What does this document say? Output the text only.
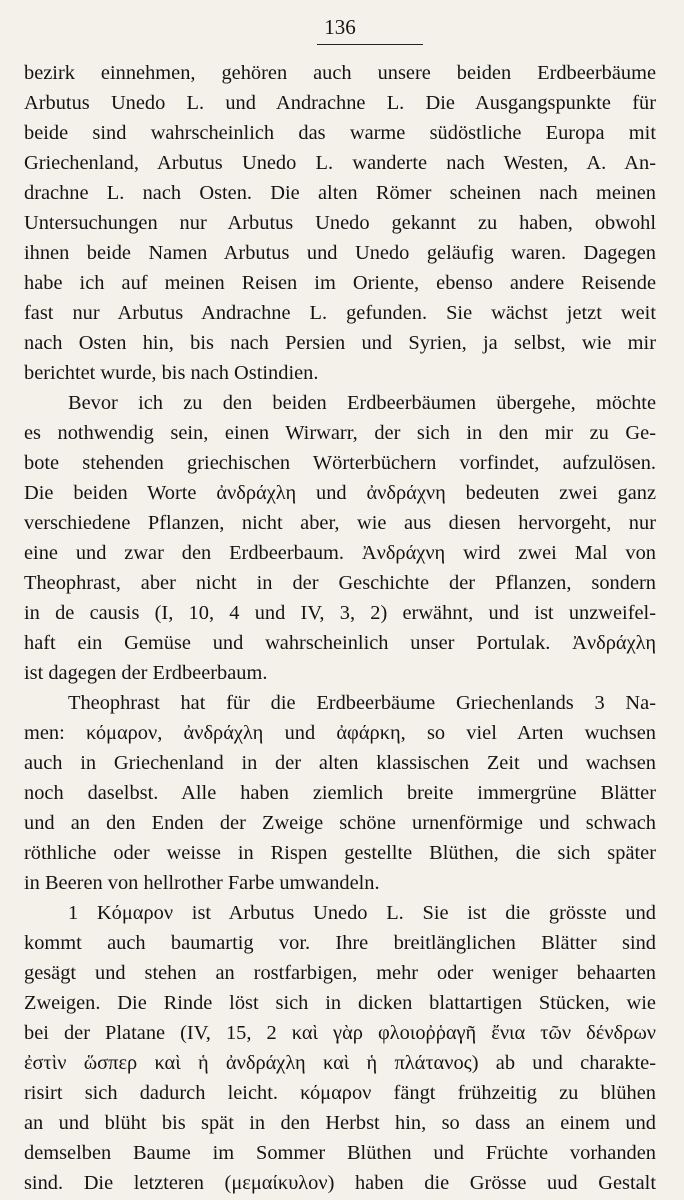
136
bezirk einnehmen, gehören auch unsere beiden Erdbeerbäume
Arbutus Unedo L. und Andrachne L. Die Ausgangspunkte für
beide sind wahrscheinlich das warme südöstliche Europa mit
Griechenland, Arbutus Unedo L. wanderte nach Westen, A. An-
drachne L. nach Osten. Die alten Römer scheinen nach meinen
Untersuchungen nur Arbutus Unedo gekannt zu haben, obwohl
ihnen beide Namen Arbutus und Unedo geläufig waren. Dagegen
habe ich auf meinen Reisen im Oriente, ebenso andere Reisende
fast nur Arbutus Andrachne L. gefunden. Sie wächst jetzt weit
nach Osten hin, bis nach Persien und Syrien, ja selbst, wie mir
berichtet wurde, bis nach Ostindien.
Bevor ich zu den beiden Erdbeerbäumen übergehe, möchte
es nothwendig sein, einen Wirwarr, der sich in den mir zu Ge-
bote stehenden griechischen Wörterbüchern vorfindet, aufzulösen.
Die beiden Worte ἀνδράχλη und ἀνδράχνη bedeuten zwei ganz
verschiedene Pflanzen, nicht aber, wie aus diesen hervorgeht, nur
eine und zwar den Erdbeerbaum. Ἀνδράχνη wird zwei Mal von
Theophrast, aber nicht in der Geschichte der Pflanzen, sondern
in de causis (I, 10, 4 und IV, 3, 2) erwähnt, und ist unzweifel-
haft ein Gemüse und wahrscheinlich unser Portulak. Ἀνδράχλη
ist dagegen der Erdbeerbaum.
Theophrast hat für die Erdbeerbäume Griechenlands 3 Na-
men: κόμαρον, ἀνδράχλη und ἀφάρκη, so viel Arten wuchsen
auch in Griechenland in der alten klassischen Zeit und wachsen
noch daselbst. Alle haben ziemlich breite immergrüne Blätter
und an den Enden der Zweige schöne urnenförmige und schwach
röthliche oder weisse in Rispen gestellte Blüthen, die sich später
in Beeren von hellrother Farbe umwandeln.
1 Κόμαρον ist Arbutus Unedo L. Sie ist die grösste und
kommt auch baumartig vor. Ihre breitlänglichen Blätter sind
gesägt und stehen an rostfarbigen, mehr oder weniger behaarten
Zweigen. Die Rinde löst sich in dicken blattartigen Stücken, wie
bei der Platane (IV, 15, 2 καὶ γὰρ φλοιοῤῥαγῆ ἔνια τῶν δένδρων
ἐστὶν ὥσπερ καὶ ἡ ἀνδράχλη καὶ ἡ πλάτανος) ab und charakte-
risirt sich dadurch leicht. κόμαρον fängt frühzeitig zu blühen
an und blüht bis spät in den Herbst hin, so dass an einem und
demselben Baume im Sommer Blüthen und Früchte vorhanden
sind. Die letzteren (μεμαίκυλον) haben die Grösse uud Gestalt
